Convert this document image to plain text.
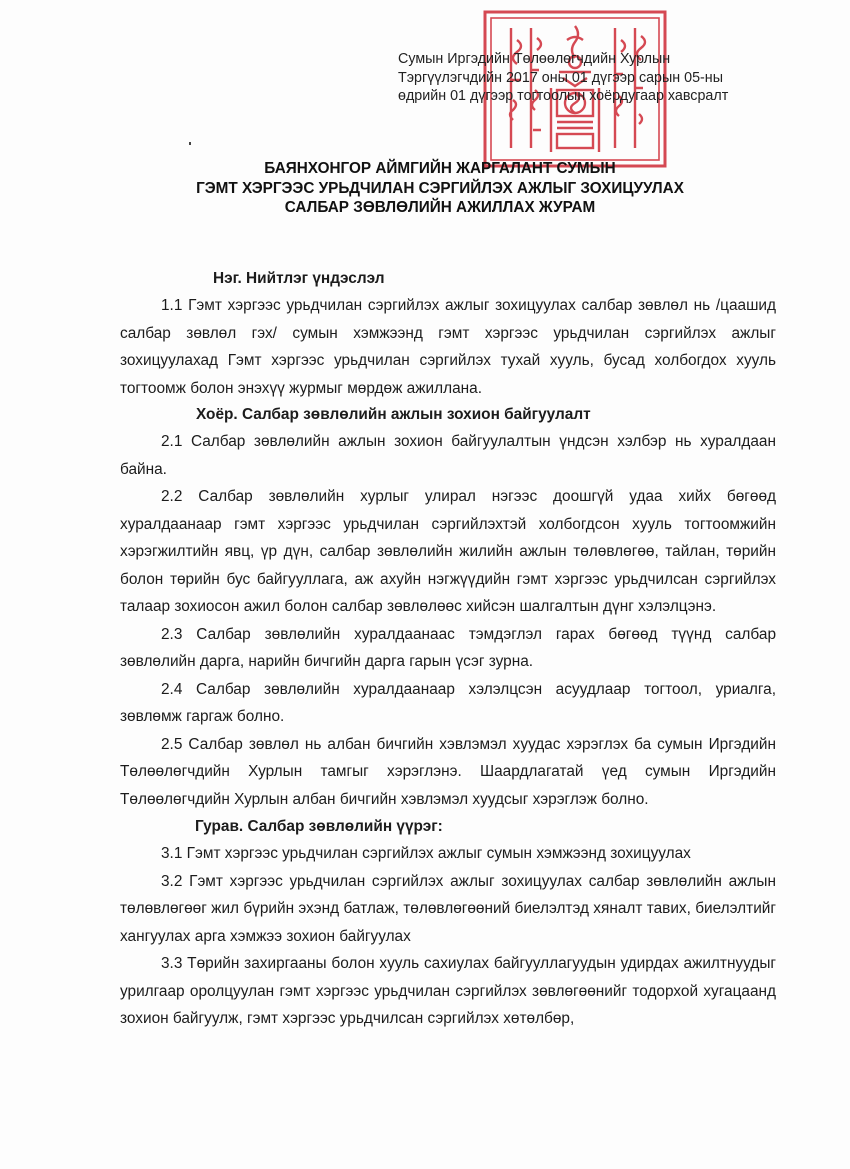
Сумын Иргэдийн Төлөөлөгчдийн Хурлын
Тэргүүлэгчдийн 2017 оны 01 дүгээр сарын 05-ны
өдрийн 01 дүгээр тогтоолын хоёрдугаар хавсралт
БАЯНХОНГОР АЙМГИЙН ЖАРГАЛАНТ СУМЫН
ГЭМТ ХЭРГЭЭС УРЬДЧИЛАН СЭРГИЙЛЭХ АЖЛЫГ ЗОХИЦУУЛАХ
САЛБАР ЗӨВЛӨЛИЙН АЖИЛЛАХ ЖУРАМ
Нэг. Нийтлэг үндэслэл

1.1 Гэмт хэргээс урьдчилан сэргийлэх ажлыг зохицуулах салбар зөвлөл нь /цаашид салбар зөвлөл гэх/ сумын хэмжээнд гэмт хэргээс урьдчилан сэргийлэх ажлыг зохицуулахад Гэмт хэргээс урьдчилан сэргийлэх тухай хууль, бусад холбогдох хууль тогтоомж болон энэхүү журмыг мөрдөж ажиллана.

Хоёр. Салбар зөвлөлийн ажлын зохион байгуулалт

2.1 Салбар зөвлөлийн ажлын зохион байгуулалтын үндсэн хэлбэр нь хуралдаан байна.

2.2 Салбар зөвлөлийн хурлыг улирал нэгээс доошгүй удаа хийх бөгөөд хуралдаанаар гэмт хэргээс урьдчилан сэргийлэхтэй холбогдсон хууль тогтоомжийн хэрэгжилтийн явц, үр дүн, салбар зөвлөлийн жилийн ажлын төлөвлөгөө, тайлан, төрийн болон төрийн бус байгууллага, аж ахуйн нэгжүүдийн гэмт хэргээс урьдчилсан сэргийлэх талаар зохиосон ажил болон салбар зөвлөлөөс хийсэн шалгалтын дүнг хэлэлцэнэ.

2.3 Салбар зөвлөлийн хуралдаанаас тэмдэглэл гарах бөгөөд түүнд салбар зөвлөлийн дарга, нарийн бичгийн дарга гарын үсэг зурна.

2.4 Салбар зөвлөлийн хуралдаанаар хэлэлцсэн асуудлаар тогтоол, уриалга, зөвлөмж гаргаж болно.

2.5 Салбар зөвлөл нь албан бичгийн хэвлэмэл хуудас хэрэглэх ба сумын Иргэдийн Төлөөлөгчдийн Хурлын тамгыг хэрэглэнэ. Шаардлагатай үед сумын Иргэдийн Төлөөлөгчдийн Хурлын албан бичгийн хэвлэмэл хуудсыг хэрэглэж болно.

Гурав. Салбар зөвлөлийн үүрэг:

3.1 Гэмт хэргээс урьдчилан сэргийлэх ажлыг сумын хэмжээнд зохицуулах

3.2 Гэмт хэргээс урьдчилан сэргийлэх ажлыг зохицуулах салбар зөвлөлийн ажлын төлөвлөгөөг жил бүрийн эхэнд батлаж, төлөвлөгөөний биелэлтэд хяналт тавих, биелэлтийг хангуулах арга хэмжээ зохион байгуулах

3.3 Төрийн захиргааны болон хууль сахиулах байгууллагуудын удирдах ажилтнуудыг урилгаар оролцуулан гэмт хэргээс урьдчилан сэргийлэх зөвлөгөөнийг тодорхой хугацаанд зохион байгуулж, гэмт хэргээс урьдчилсан сэргийлэх хөтөлбөр,
